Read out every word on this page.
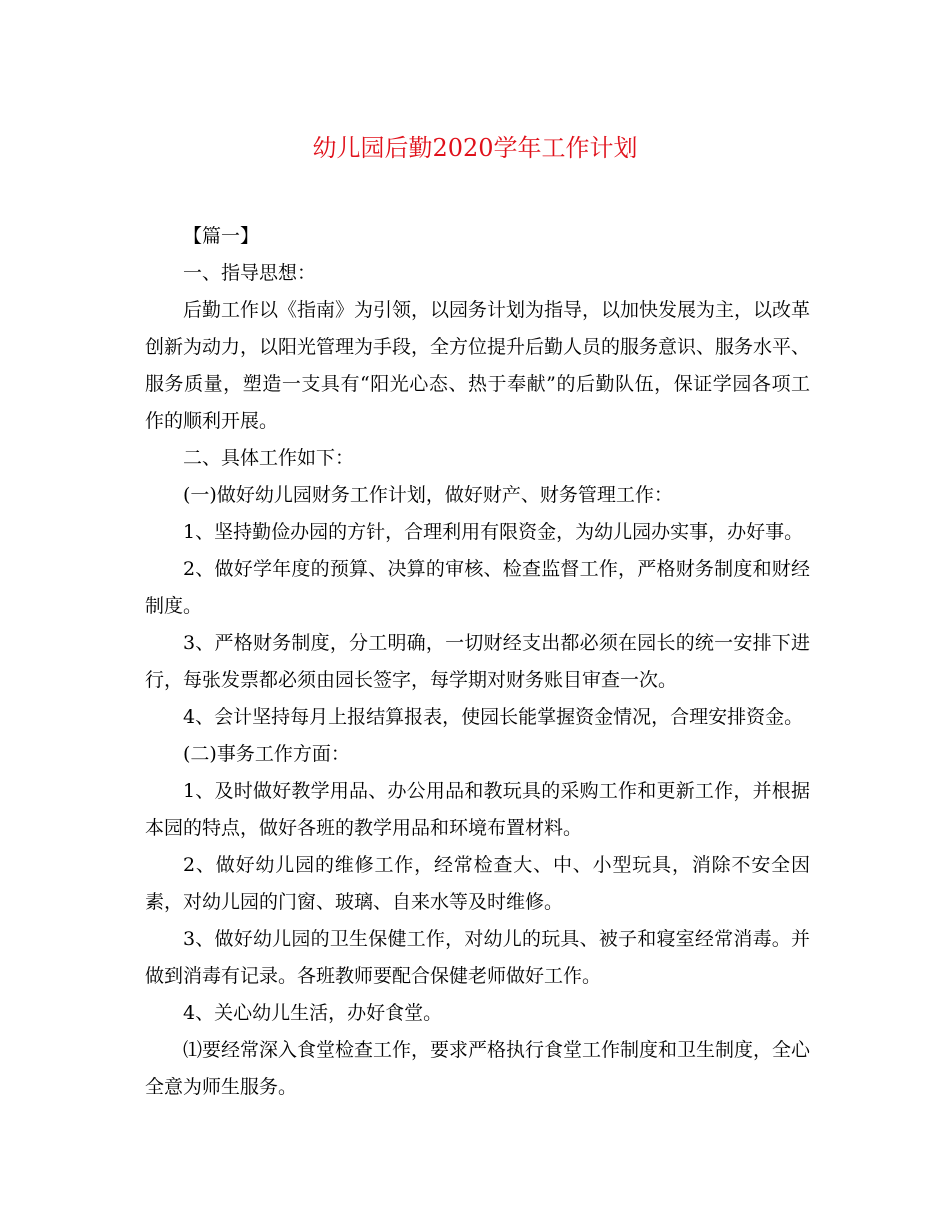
幼儿园后勤2020学年工作计划

【篇一】

一、指导思想：

后勤工作以《指南》为引领，以园务计划为指导，以加快发展为主，以改革创新为动力，以阳光管理为手段，全方位提升后勤人员的服务意识、服务水平、服务质量，塑造一支具有“阳光心态、热于奉献”的后勤队伍，保证学园各项工作的顺利开展。

二、具体工作如下：

(一)做好幼儿园财务工作计划，做好财产、财务管理工作：

1、坚持勤俭办园的方针，合理利用有限资金，为幼儿园办实事，办好事。

2、做好学年度的预算、决算的审核、检查监督工作，严格财务制度和财经制度。

3、严格财务制度，分工明确，一切财经支出都必须在园长的统一安排下进行，每张发票都必须由园长签字，每学期对财务账目审查一次。

4、会计坚持每月上报结算报表，使园长能掌握资金情况，合理安排资金。

(二)事务工作方面：

1、及时做好教学用品、办公用品和教玩具的采购工作和更新工作，并根据本园的特点，做好各班的教学用品和环境布置材料。

2、做好幼儿园的维修工作，经常检查大、中、小型玩具，消除不安全因素，对幼儿园的门窗、玻璃、自来水等及时维修。

3、做好幼儿园的卫生保健工作，对幼儿的玩具、被子和寝室经常消毒。并做到消毒有记录。各班教师要配合保健老师做好工作。

4、关心幼儿生活，办好食堂。

⑴要经常深入食堂检查工作，要求严格执行食堂工作制度和卫生制度，全心全意为师生服务。
